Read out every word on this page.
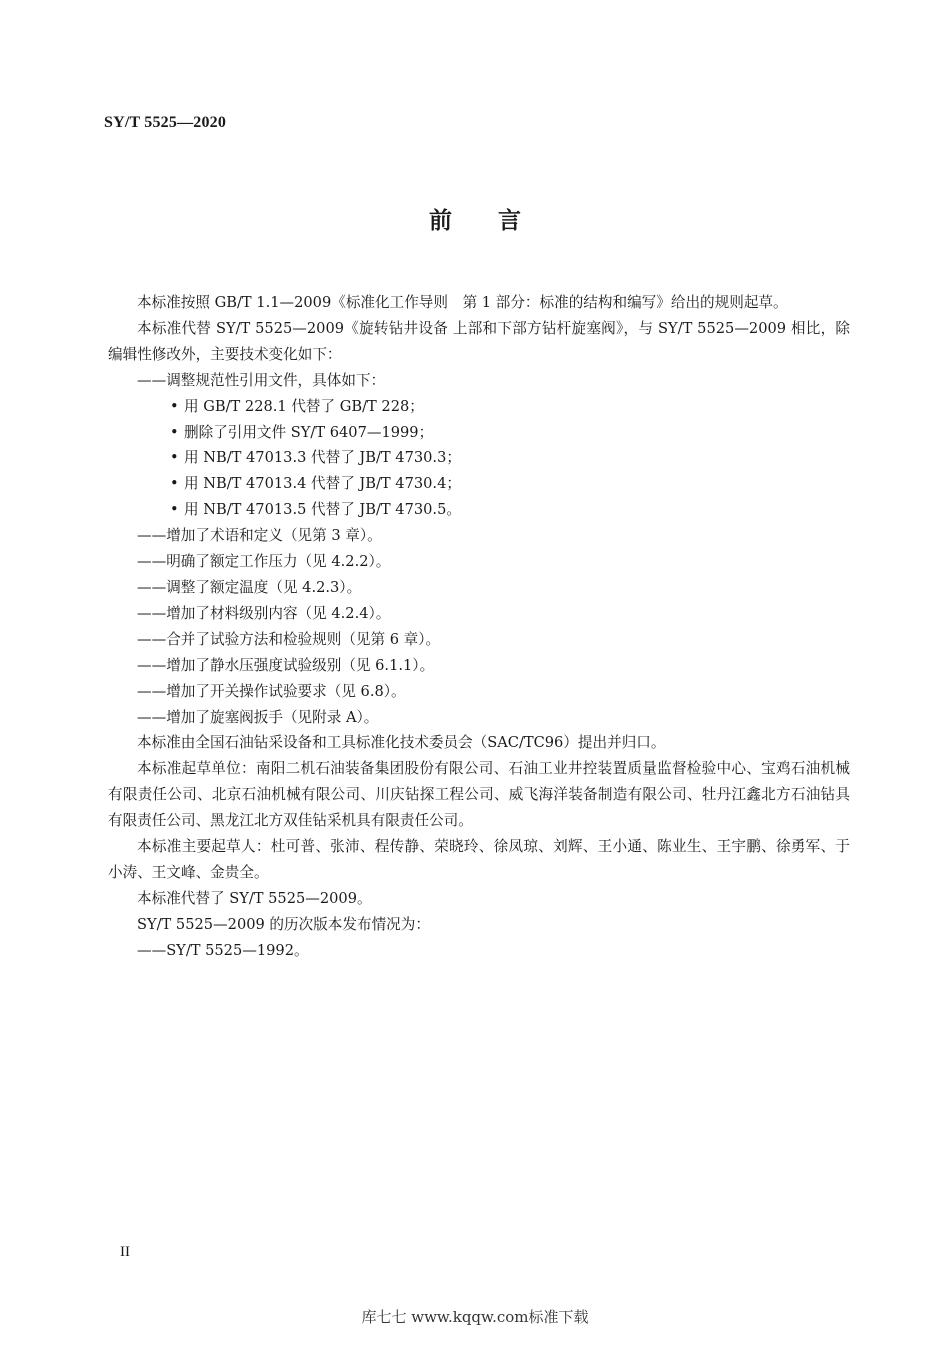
SY/T 5525—2020
前言

本标准按照 GB/T 1.1—2009《标准化工作导则　第 1 部分：标准的结构和编写》给出的规则起草。

本标准代替 SY/T 5525—2009《旋转钻井设备 上部和下部方钻杆旋塞阀》，与 SY/T 5525—2009 相比，除编辑性修改外，主要技术变化如下：

——调整规范性引用文件，具体如下：

• 用 GB/T 228.1 代替了 GB/T 228；

• 删除了引用文件 SY/T 6407—1999；

• 用 NB/T 47013.3 代替了 JB/T 4730.3；

• 用 NB/T 47013.4 代替了 JB/T 4730.4；

• 用 NB/T 47013.5 代替了 JB/T 4730.5。

——增加了术语和定义（见第 3 章）。

——明确了额定工作压力（见 4.2.2）。

——调整了额定温度（见 4.2.3）。

——增加了材料级别内容（见 4.2.4）。

——合并了试验方法和检验规则（见第 6 章）。

——增加了静水压强度试验级别（见 6.1.1）。

——增加了开关操作试验要求（见 6.8）。

——增加了旋塞阀扳手（见附录 A）。

本标准由全国石油钻采设备和工具标准化技术委员会（SAC/TC96）提出并归口。

本标准起草单位：南阳二机石油装备集团股份有限公司、石油工业井控装置质量监督检验中心、宝鸡石油机械有限责任公司、北京石油机械有限公司、川庆钻探工程公司、威飞海洋装备制造有限公司、牡丹江鑫北方石油钻具有限责任公司、黑龙江北方双佳钻采机具有限责任公司。

本标准主要起草人：杜可普、张沛、程传静、荣晓玲、徐凤琼、刘辉、王小通、陈业生、王宇鹏、徐勇军、于小涛、王文峰、金贵全。

本标准代替了 SY/T 5525—2009。

SY/T 5525—2009 的历次版本发布情况为：

——SY/T 5525—1992。

II
库七七 www.kqqw.com标准下载
